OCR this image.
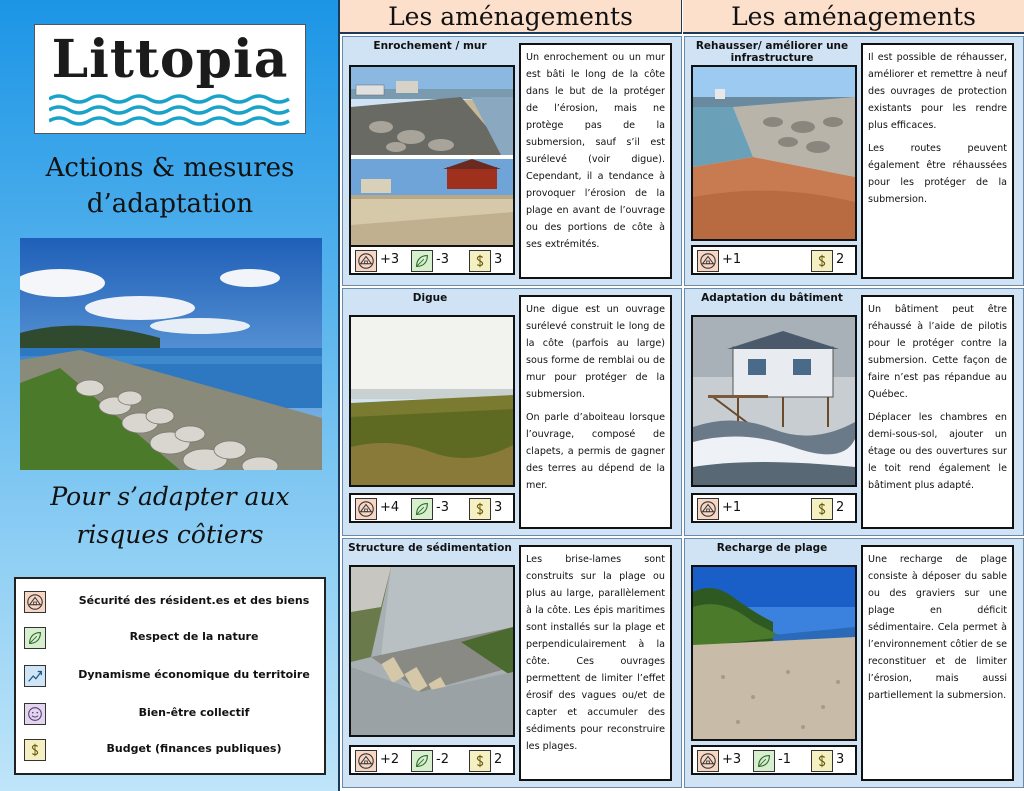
Littopia
Actions & mesures
d’adaptation
Pour s’adapter aux
risques côtiers
Sécurité des résident.es et des biens
Respect de la nature
Dynamisme économique du territoire
Bien-être collectif
Budget (finances publiques)
Les aménagements	Les aménagements
Enrochement / mur
+3	-3	3

Un enrochement ou un mur est bâti le long de la côte dans le but de la protéger de l’érosion, mais ne protège pas de la submersion, sauf s’il est surélevé (voir digue). Cependant, il a tendance à provoquer l’érosion de la plage en avant de l’ouvrage ou des portions de côte à ses extrémités.

Digue
+4	-3	3

Une digue est un ouvrage surélevé construit le long de la côte (parfois au large) sous forme de remblai ou de mur pour protéger de la submersion.

On parle d’aboiteau lorsque l’ouvrage, composé de clapets, a permis de gagner des terres au dépend de la mer.

Structure de sédimentation
+2	-2	2

Les brise-lames sont construits sur la plage ou plus au large, parallèlement à la côte. Les épis maritimes sont installés sur la plage et perpendiculairement à la côte. Ces ouvrages permettent de limiter l’effet érosif des vagues ou/et de capter et accumuler des sédiments pour reconstruire les plages.

Rehausser/ améliorer une infrastructure
+1	2

Il est possible de réhausser, améliorer et remettre à neuf des ouvrages de protection existants pour les rendre plus efficaces.

Les routes peuvent également être réhaussées pour les protéger de la submersion.

Adaptation du bâtiment
+1	2

Un bâtiment peut être réhaussé à l’aide de pilotis pour le protéger contre la submersion. Cette façon de faire n’est pas répandue au Québec.

Déplacer les chambres en demi-sous-sol, ajouter un étage ou des ouvertures sur le toit rend également le bâtiment plus adapté.

Recharge de plage
+3	-1	3

Une recharge de plage consiste à déposer du sable ou des graviers sur une plage en déficit sédimentaire. Cela permet à l’environnement côtier de se reconstituer et de limiter l’érosion, mais aussi partiellement la submersion.
